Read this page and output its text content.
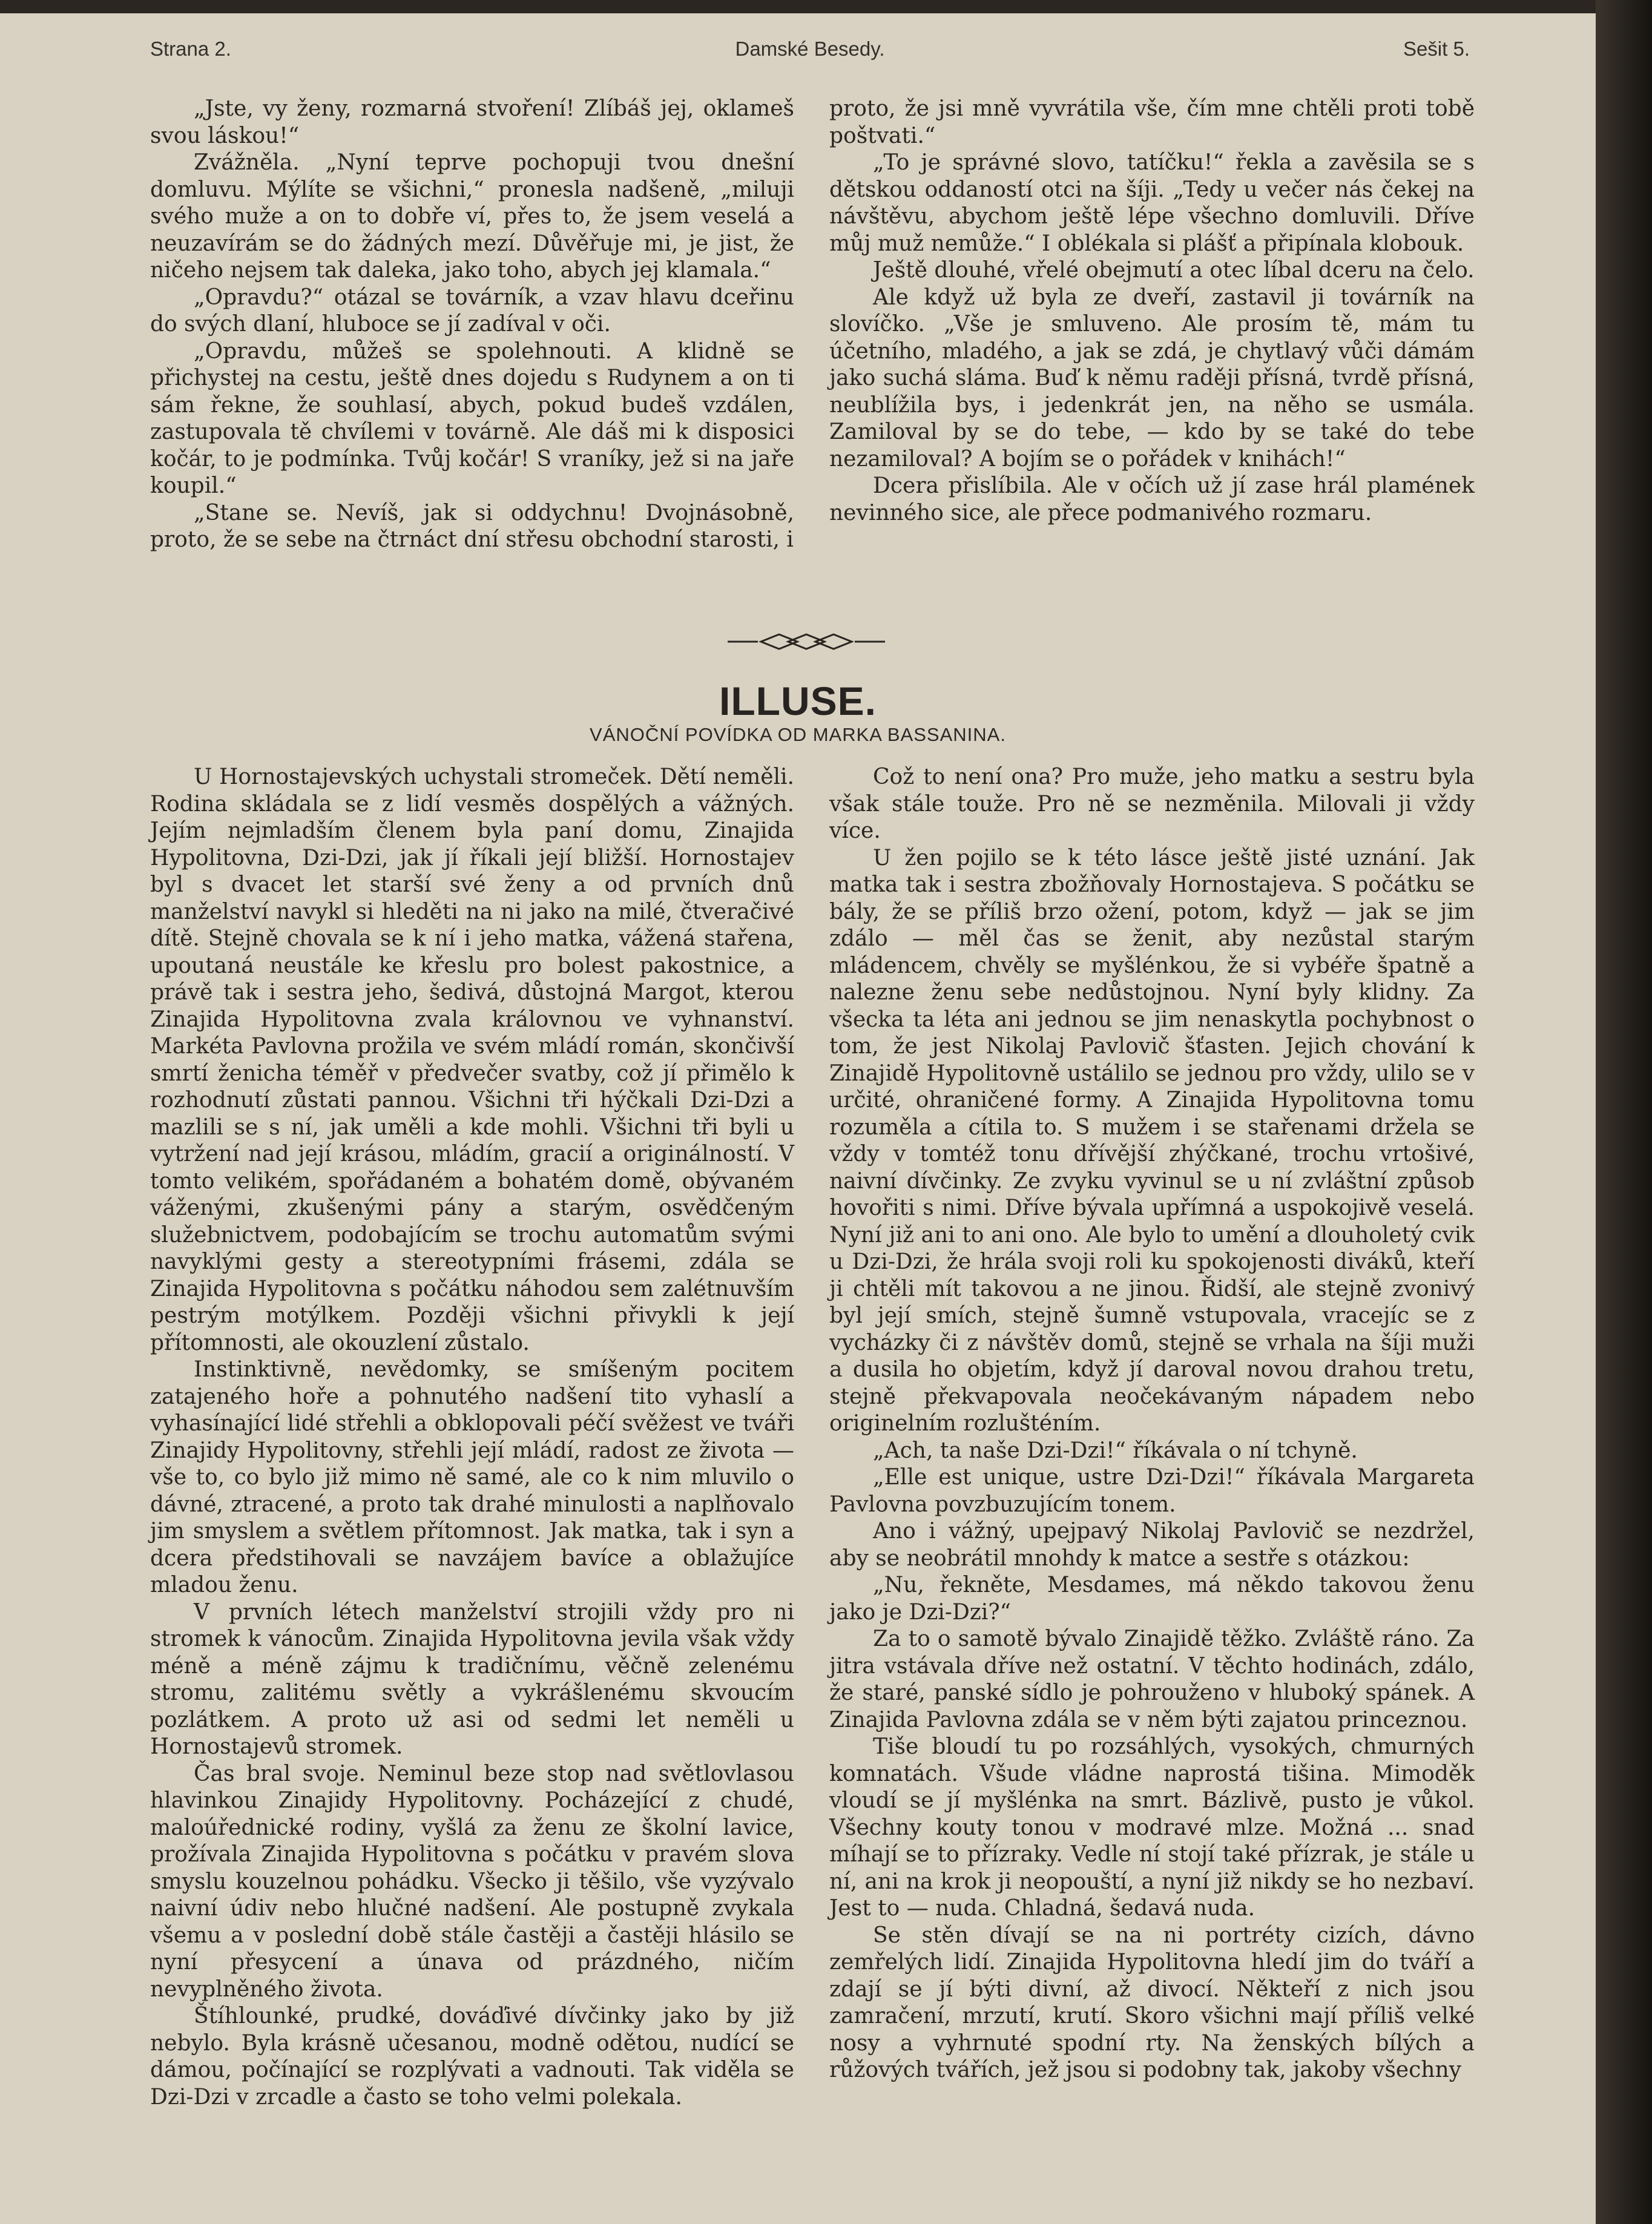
Strana 2.	Damské Besedy.	Sešit 5.

„Jste, vy ženy, rozmarná stvoření! Zlíbáš jej, oklameš svou láskou!“

Zvážněla. „Nyní teprve pochopuji tvou dnešní domluvu. Mýlíte se všichni,“ pronesla nadšeně, „miluji svého muže a on to dobře ví, přes to, že jsem veselá a neuzavírám se do žádných mezí. Důvěřuje mi, je jist, že ničeho nejsem tak daleka, jako toho, abych jej klamala.“

„Opravdu?“ otázal se továrník, a vzav hlavu dceřinu do svých dlaní, hluboce se jí zadíval v oči.

„Opravdu, můžeš se spolehnouti. A klidně se přichystej na cestu, ještě dnes dojedu s Rudynem a on ti sám řekne, že souhlasí, abych, pokud budeš vzdálen, zastupovala tě chvílemi v továrně. Ale dáš mi k disposici kočár, to je podmínka. Tvůj kočár! S vraníky, jež si na jaře koupil.“

„Stane se. Nevíš, jak si oddychnu! Dvojnásobně, proto, že se sebe na čtrnáct dní střesu obchodní starosti, i

proto, že jsi mně vyvrátila vše, čím mne chtěli proti tobě poštvati.“

„To je správné slovo, tatíčku!“ řekla a zavěsila se s dětskou oddaností otci na šíji. „Tedy u večer nás čekej na návštěvu, abychom ještě lépe všechno domluvili. Dříve můj muž nemůže.“ I oblékala si plášť a připínala klobouk.

Ještě dlouhé, vřelé obejmutí a otec líbal dceru na čelo.

Ale když už byla ze dveří, zastavil ji továrník na slovíčko. „Vše je smluveno. Ale prosím tě, mám tu účetního, mladého, a jak se zdá, je chytlavý vůči dámám jako suchá sláma. Buď k němu raději přísná, tvrdě přísná, neublížila bys, i jedenkrát jen, na něho se usmála. Zamiloval by se do tebe, — kdo by se také do tebe nezamiloval? A bojím se o pořádek v knihách!“

Dcera přislíbila. Ale v očích už jí zase hrál plamének nevinného sice, ale přece podmanivého rozmaru.

ILLUSE.
VÁNOČNÍ POVÍDKA OD MARKA BASSANINA.

U Hornostajevských uchystali stromeček. Dětí neměli. Rodina skládala se z lidí vesměs dospělých a vážných. Jejím nejmladším členem byla paní domu, Zinajida Hypolitovna, Dzi-Dzi, jak jí říkali její bližší. Hornostajev byl s dvacet let starší své ženy a od prvních dnů manželství navykl si hleděti na ni jako na milé, čtveračivé dítě. Stejně chovala se k ní i jeho matka, vážená stařena, upoutaná neustále ke křeslu pro bolest pakostnice, a právě tak i sestra jeho, šedivá, důstojná Margot, kterou Zinajida Hypolitovna zvala královnou ve vyhnanství. Markéta Pavlovna prožila ve svém mládí román, skončivší smrtí ženicha téměř v předvečer svatby, což jí přimělo k rozhodnutí zůstati pannou. Všichni tři hýčkali Dzi-Dzi a mazlili se s ní, jak uměli a kde mohli. Všichni tři byli u vytržení nad její krásou, mládím, gracií a originálností. V tomto velikém, spořádaném a bohatém domě, obývaném váženými, zkušenými pány a starým, osvědčeným služebnictvem, podobajícím se trochu automatům svými navyklými gesty a stereotypními frásemi, zdála se Zinajida Hypolitovna s počátku náhodou sem zalétnuvším pestrým motýlkem. Později všichni přivykli k její přítomnosti, ale okouzlení zůstalo.

Instinktivně, nevědomky, se smíšeným pocitem zatajeného hoře a pohnutého nadšení tito vyhaslí a vyhasínající lidé střehli a obklopovali péčí svěžest ve tváři Zinajidy Hypolitovny, střehli její mládí, radost ze života — vše to, co bylo již mimo ně samé, ale co k nim mluvilo o dávné, ztracené, a proto tak drahé minulosti a naplňovalo jim smyslem a světlem přítomnost. Jak matka, tak i syn a dcera předstihovali se navzájem bavíce a oblažujíce mladou ženu.

V prvních létech manželství strojili vždy pro ni stromek k vánocům. Zinajida Hypolitovna jevila však vždy méně a méně zájmu k tradičnímu, věčně zelenému stromu, zalitému světly a vykrášlenému skvoucím pozlátkem. A proto už asi od sedmi let neměli u Hornostajevů stromek.

Čas bral svoje. Neminul beze stop nad světlovlasou hlavinkou Zinajidy Hypolitovny. Pocházející z chudé, maloúřednické rodiny, vyšlá za ženu ze školní lavice, prožívala Zinajida Hypolitovna s počátku v pravém slova smyslu kouzelnou pohádku. Všecko ji těšilo, vše vyzývalo naivní údiv nebo hlučné nadšení. Ale postupně zvykala všemu a v poslední době stále častěji a častěji hlásilo se nyní přesycení a únava od prázdného, ničím nevyplněného života.

Štíhlounké, prudké, dováďivé dívčinky jako by již nebylo. Byla krásně učesanou, modně odětou, nudící se dámou, počínající se rozplývati a vadnouti. Tak viděla se Dzi-Dzi v zrcadle a často se toho velmi polekala.

Což to není ona? Pro muže, jeho matku a sestru byla však stále touže. Pro ně se nezměnila. Milovali ji vždy více.

U žen pojilo se k této lásce ještě jisté uznání. Jak matka tak i sestra zbožňovaly Hornostajeva. S počátku se bály, že se příliš brzo ožení, potom, když — jak se jim zdálo — měl čas se ženit, aby nezůstal starým mládencem, chvěly se myšlénkou, že si vybéře špatně a nalezne ženu sebe nedůstojnou. Nyní byly klidny. Za všecka ta léta ani jednou se jim nenaskytla pochybnost o tom, že jest Nikolaj Pavlovič šťasten. Jejich chování k Zinajidě Hypolitovně ustálilo se jednou pro vždy, ulilo se v určité, ohraničené formy. A Zinajida Hypolitovna tomu rozuměla a cítila to. S mužem i se stařenami držela se vždy v tomtéž tonu dřívější zhýčkané, trochu vrtošivé, naivní dívčinky. Ze zvyku vyvinul se u ní zvláštní způsob hovořiti s nimi. Dříve bývala upřímná a uspokojivě veselá. Nyní již ani to ani ono. Ale bylo to umění a dlouholetý cvik u Dzi-Dzi, že hrála svoji roli ku spokojenosti diváků, kteří ji chtěli mít takovou a ne jinou. Řidší, ale stejně zvonivý byl její smích, stejně šumně vstupovala, vracejíc se z vycházky či z návštěv domů, stejně se vrhala na šíji muži a dusila ho objetím, když jí daroval novou drahou tretu, stejně překvapovala neočekávaným nápadem nebo originelním rozlušténím.

„Ach, ta naše Dzi-Dzi!“ říkávala o ní tchyně.

„Elle est unique, ustre Dzi-Dzi!“ říkávala Margareta Pavlovna povzbuzujícím tonem.

Ano i vážný, upejpavý Nikolaj Pavlovič se nezdržel, aby se neobrátil mnohdy k matce a sestře s otázkou:

„Nu, řekněte, Mesdames, má někdo takovou ženu jako je Dzi-Dzi?“

Za to o samotě bývalo Zinajidě těžko. Zvláště ráno. Za jitra vstávala dříve než ostatní. V těchto hodinách, zdálo, že staré, panské sídlo je pohrouženo v hluboký spánek. A Zinajida Pavlovna zdála se v něm býti zajatou princeznou.

Tiše bloudí tu po rozsáhlých, vysokých, chmurných komnatách. Všude vládne naprostá tišina. Mimoděk vloudí se jí myšlénka na smrt. Bázlivě, pusto je vůkol. Všechny kouty tonou v modravé mlze. Možná ... snad míhají se to přízraky. Vedle ní stojí také přízrak, je stále u ní, ani na krok ji neopouští, a nyní již nikdy se ho nezbaví. Jest to — nuda. Chladná, šedavá nuda.

Se stěn dívají se na ni portréty cizích, dávno zemřelých lidí. Zinajida Hypolitovna hledí jim do tváří a zdají se jí býti divní, až divocí. Někteří z nich jsou zamračení, mrzutí, krutí. Skoro všichni mají příliš velké nosy a vyhrnuté spodní rty. Na ženských bílých a růžových tvářích, jež jsou si podobny tak, jakoby všechny
